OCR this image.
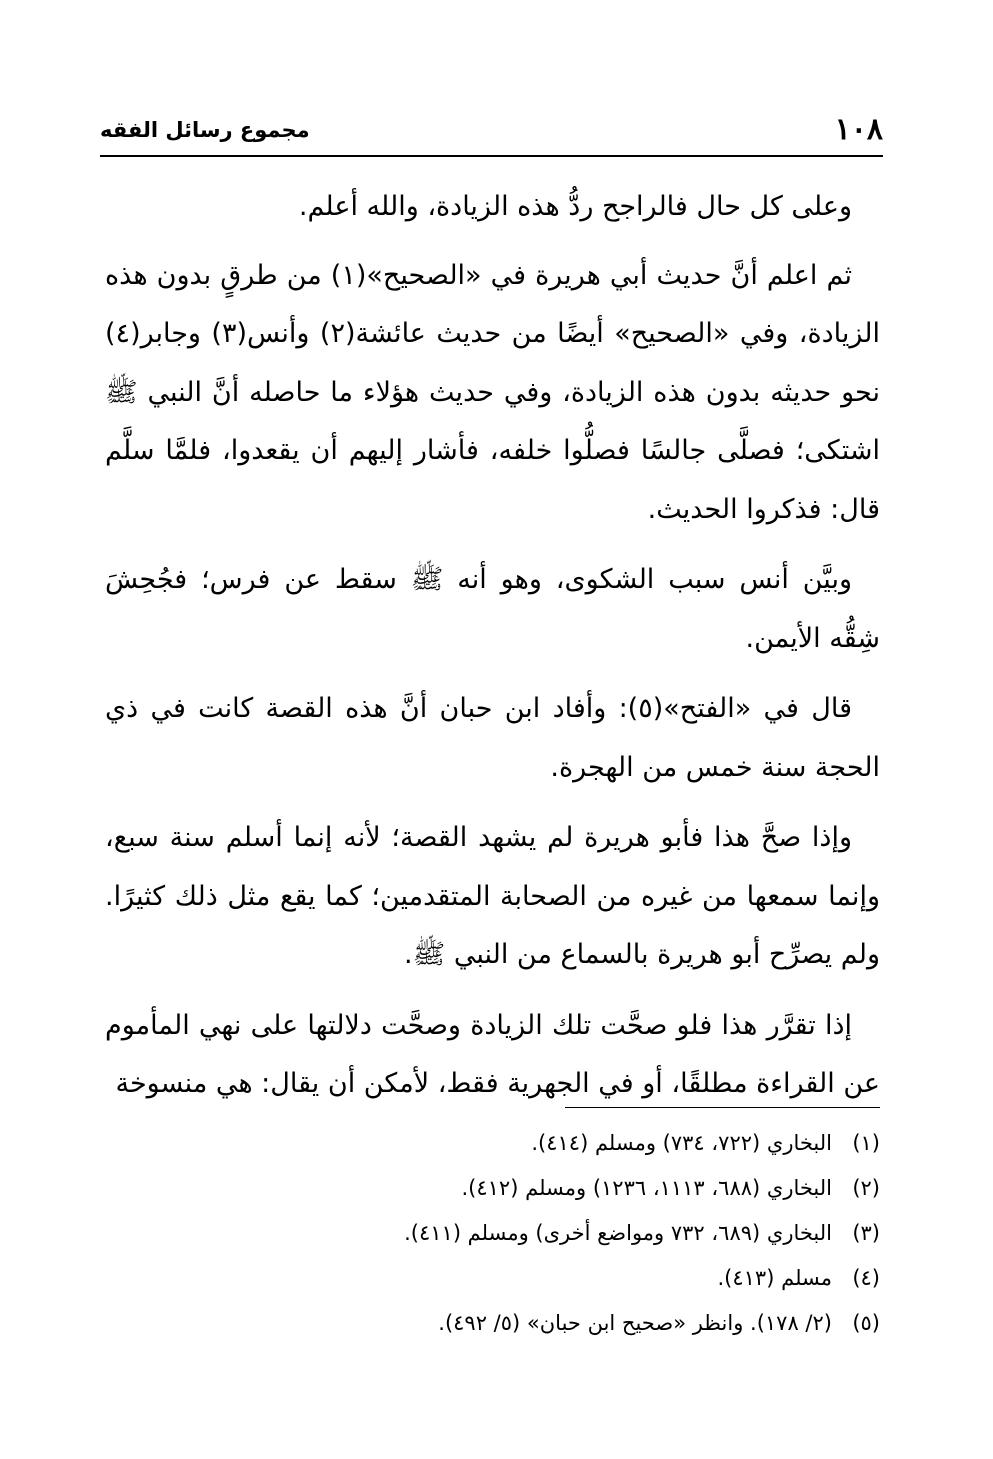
١٠٨
مجموع رسائل الفقه

وعلى كل حال فالراجح ردُّ هذه الزيادة، والله أعلم.

ثم اعلم أنَّ حديث أبي هريرة في «الصحيح»(١) من طرقٍ بدون هذه الزيادة، وفي «الصحيح» أيضًا من حديث عائشة(٢) وأنس(٣) وجابر(٤) نحو حديثه بدون هذه الزيادة، وفي حديث هؤلاء ما حاصله أنَّ النبي ﷺ اشتكى؛ فصلَّى جالسًا فصلُّوا خلفه، فأشار إليهم أن يقعدوا، فلمَّا سلَّم قال: فذكروا الحديث.

وبيَّن أنس سبب الشكوى، وهو أنه ﷺ سقط عن فرس؛ فجُحِشَ شِقُّه الأيمن.

قال في «الفتح»(٥): وأفاد ابن حبان أنَّ هذه القصة كانت في ذي الحجة سنة خمس من الهجرة.

وإذا صحَّ هذا فأبو هريرة لم يشهد القصة؛ لأنه إنما أسلم سنة سبع، وإنما سمعها من غيره من الصحابة المتقدمين؛ كما يقع مثل ذلك كثيرًا. ولم يصرِّح أبو هريرة بالسماع من النبي ﷺ.

إذا تقرَّر هذا فلو صحَّت تلك الزيادة وصحَّت دلالتها على نهي المأموم عن القراءة مطلقًا، أو في الجهرية فقط، لأمكن أن يقال: هي منسوخة

(١)
البخاري (٧٢٢، ٧٣٤) ومسلم (٤١٤).
(٢)
البخاري (٦٨٨، ١١١٣، ١٢٣٦) ومسلم (٤١٢).
(٣)
البخاري (٦٨٩، ٧٣٢ ومواضع أخرى) ومسلم (٤١١).
(٤)
مسلم (٤١٣).
(٥)
(٢/ ١٧٨). وانظر «صحيح ابن حبان» (٥/ ٤٩٢).
